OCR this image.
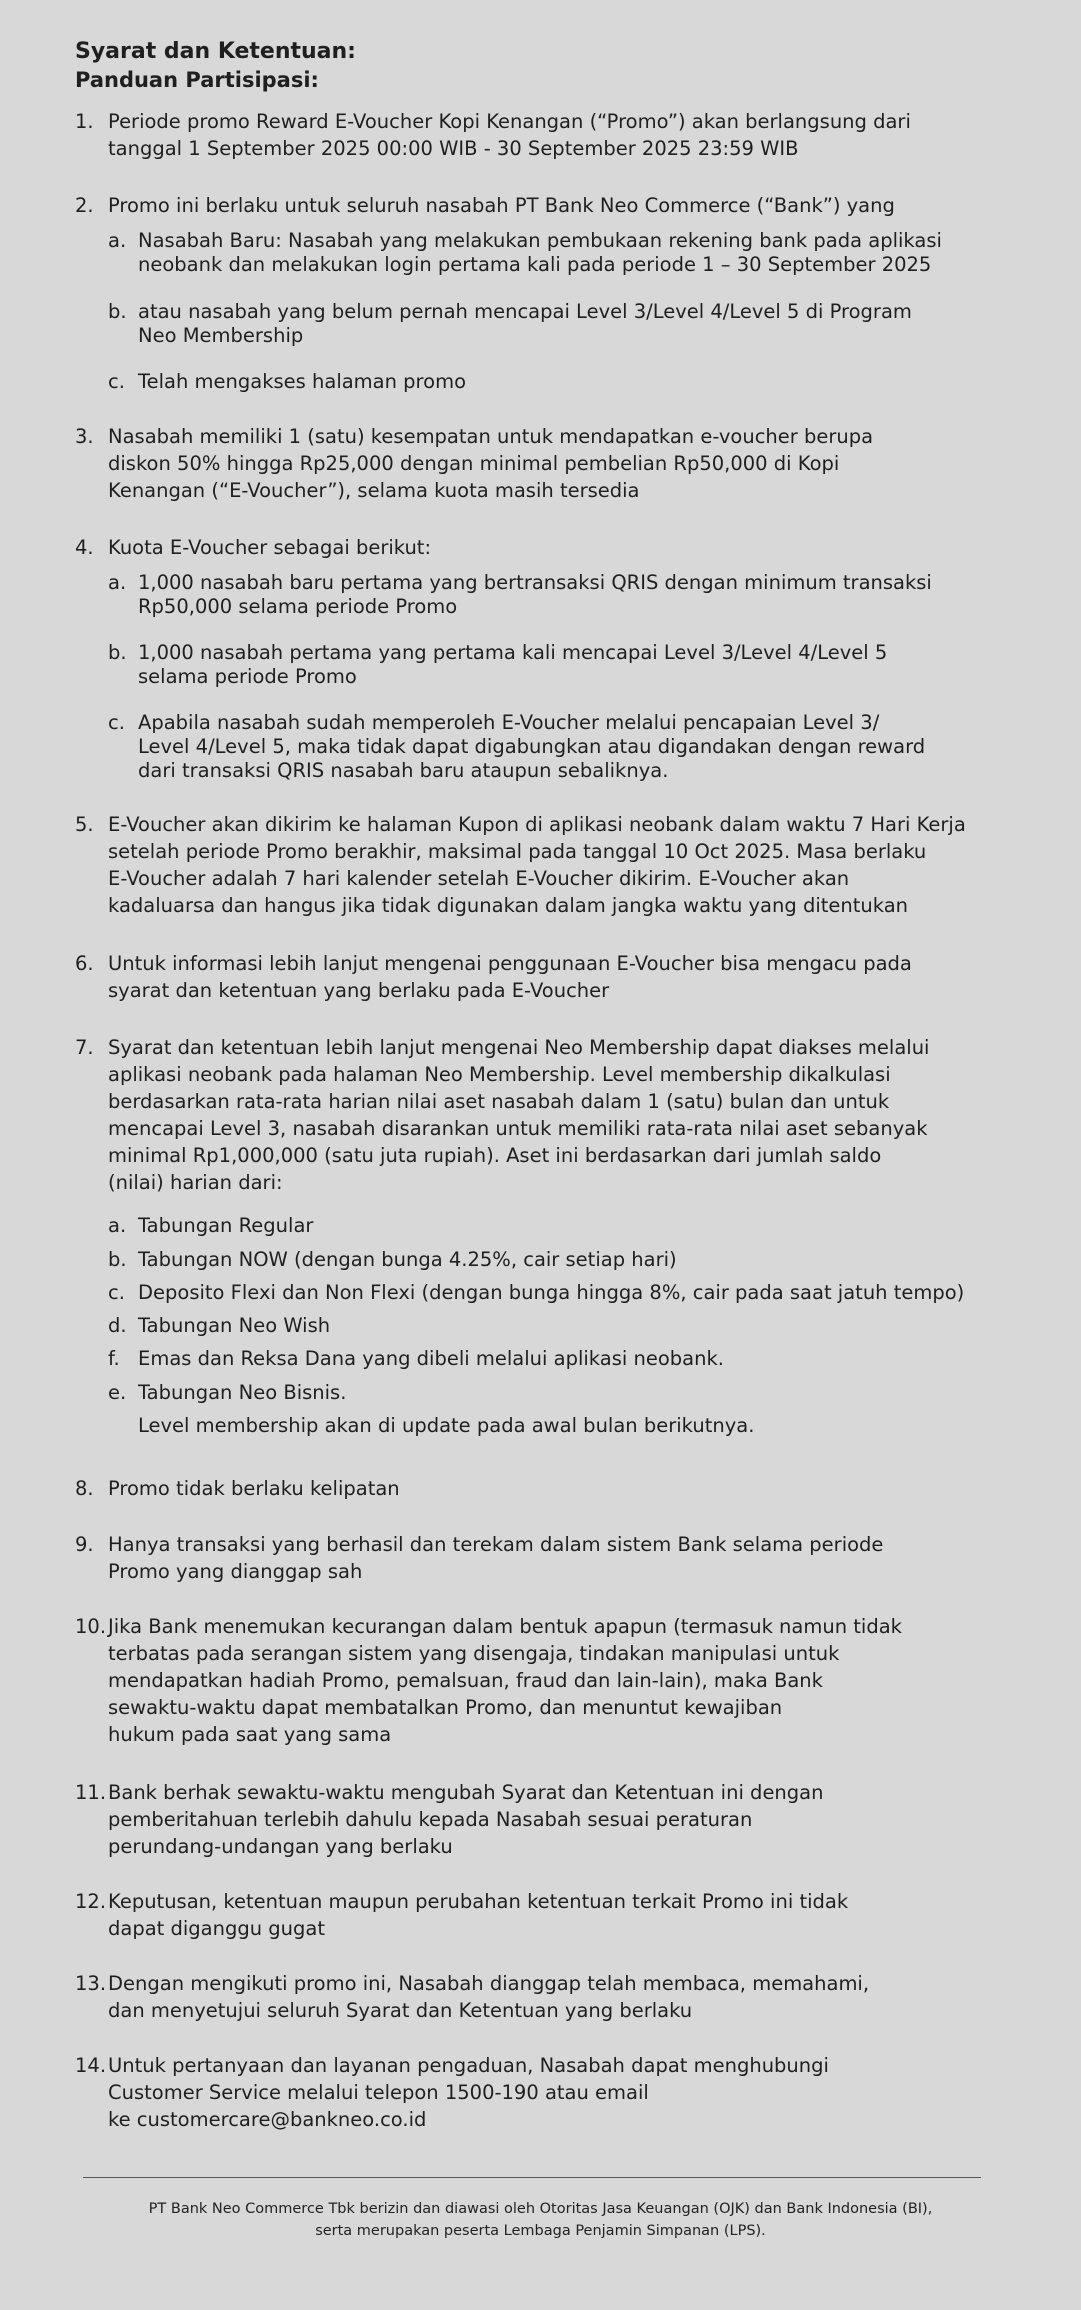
Syarat dan Ketentuan:
Panduan Partisipasi:
1. Periode promo Reward E-Voucher Kopi Kenangan (“Promo”) akan berlangsung dari
tanggal 1 September 2025 00:00 WIB - 30 September 2025 23:59 WIB
2. Promo ini berlaku untuk seluruh nasabah PT Bank Neo Commerce (“Bank”) yang
a. Nasabah Baru: Nasabah yang melakukan pembukaan rekening bank pada aplikasi
neobank dan melakukan login pertama kali pada periode 1 – 30 September 2025
b. atau nasabah yang belum pernah mencapai Level 3/Level 4/Level 5 di Program
Neo Membership
c. Telah mengakses halaman promo
3. Nasabah memiliki 1 (satu) kesempatan untuk mendapatkan e-voucher berupa
diskon 50% hingga Rp25,000 dengan minimal pembelian Rp50,000 di Kopi
Kenangan (“E-Voucher”), selama kuota masih tersedia
4. Kuota E-Voucher sebagai berikut:
a. 1,000 nasabah baru pertama yang bertransaksi QRIS dengan minimum transaksi
Rp50,000 selama periode Promo
b. 1,000 nasabah pertama yang pertama kali mencapai Level 3/Level 4/Level 5
selama periode Promo
c. Apabila nasabah sudah memperoleh E-Voucher melalui pencapaian Level 3/
Level 4/Level 5, maka tidak dapat digabungkan atau digandakan dengan reward
dari transaksi QRIS nasabah baru ataupun sebaliknya.
5. E-Voucher akan dikirim ke halaman Kupon di aplikasi neobank dalam waktu 7 Hari Kerja
setelah periode Promo berakhir, maksimal pada tanggal 10 Oct 2025. Masa berlaku
E-Voucher adalah 7 hari kalender setelah E-Voucher dikirim. E-Voucher akan
kadaluarsa dan hangus jika tidak digunakan dalam jangka waktu yang ditentukan
6. Untuk informasi lebih lanjut mengenai penggunaan E-Voucher bisa mengacu pada
syarat dan ketentuan yang berlaku pada E-Voucher
7. Syarat dan ketentuan lebih lanjut mengenai Neo Membership dapat diakses melalui
aplikasi neobank pada halaman Neo Membership. Level membership dikalkulasi
berdasarkan rata-rata harian nilai aset nasabah dalam 1 (satu) bulan dan untuk
mencapai Level 3, nasabah disarankan untuk memiliki rata-rata nilai aset sebanyak
minimal Rp1,000,000 (satu juta rupiah). Aset ini berdasarkan dari jumlah saldo
(nilai) harian dari:
a. Tabungan Regular
b. Tabungan NOW (dengan bunga 4.25%, cair setiap hari)
c. Deposito Flexi dan Non Flexi (dengan bunga hingga 8%, cair pada saat jatuh tempo)
d. Tabungan Neo Wish
f. Emas dan Reksa Dana yang dibeli melalui aplikasi neobank.
e. Tabungan Neo Bisnis.
Level membership akan di update pada awal bulan berikutnya.
8. Promo tidak berlaku kelipatan
9. Hanya transaksi yang berhasil dan terekam dalam sistem Bank selama periode
Promo yang dianggap sah
10. Jika Bank menemukan kecurangan dalam bentuk apapun (termasuk namun tidak
terbatas pada serangan sistem yang disengaja, tindakan manipulasi untuk
mendapatkan hadiah Promo, pemalsuan, fraud dan lain-lain), maka Bank
sewaktu-waktu dapat membatalkan Promo, dan menuntut kewajiban
hukum pada saat yang sama
11. Bank berhak sewaktu-waktu mengubah Syarat dan Ketentuan ini dengan
pemberitahuan terlebih dahulu kepada Nasabah sesuai peraturan
perundang-undangan yang berlaku
12. Keputusan, ketentuan maupun perubahan ketentuan terkait Promo ini tidak
dapat diganggu gugat
13. Dengan mengikuti promo ini, Nasabah dianggap telah membaca, memahami,
dan menyetujui seluruh Syarat dan Ketentuan yang berlaku
14. Untuk pertanyaan dan layanan pengaduan, Nasabah dapat menghubungi
Customer Service melalui telepon 1500-190 atau email
ke customercare@bankneo.co.id
PT Bank Neo Commerce Tbk berizin dan diawasi oleh Otoritas Jasa Keuangan (OJK) dan Bank Indonesia (BI),
serta merupakan peserta Lembaga Penjamin Simpanan (LPS).
